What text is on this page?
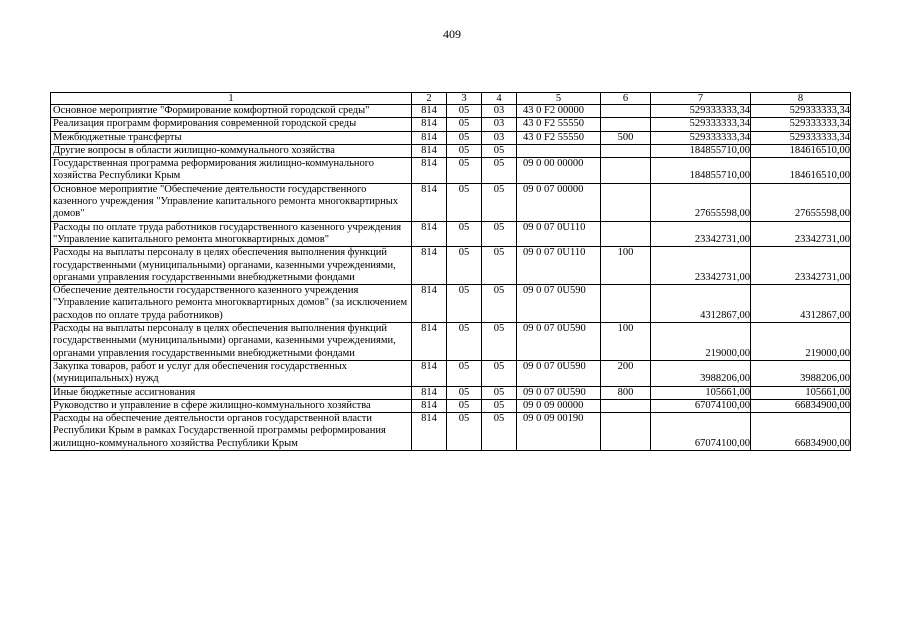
409
1	2	3	4	5	6	7	8
Основное мероприятие "Формирование комфортной городской среды"	814	05	03	43 0 F2 00000		529333333,34	529333333,34
Реализация программ формирования современной городской среды	814	05	03	43 0 F2 55550		529333333,34	529333333,34
Межбюджетные трансферты	814	05	03	43 0 F2 55550	500	529333333,34	529333333,34
Другие вопросы в области жилищно-коммунального хозяйства	814	05	05			184855710,00	184616510,00
Государственная программа реформирования жилищно-коммунального хозяйства Республики Крым	814	05	05	09 0 00 00000		184855710,00	184616510,00
Основное мероприятие "Обеспечение деятельности государственного казенного учреждения "Управление капитального ремонта многоквартирных домов"	814	05	05	09 0 07 00000		27655598,00	27655598,00
Расходы по оплате труда работников государственного казенного учреждения "Управление капитального ремонта многоквартирных домов"	814	05	05	09 0 07 0U110		23342731,00	23342731,00
Расходы на выплаты персоналу в целях обеспечения выполнения функций государственными (муниципальными) органами, казенными учреждениями, органами управления государственными внебюджетными фондами	814	05	05	09 0 07 0U110	100	23342731,00	23342731,00
Обеспечение деятельности государственного казенного учреждения "Управление капитального ремонта многоквартирных домов" (за исключением расходов по оплате труда работников)	814	05	05	09 0 07 0U590		4312867,00	4312867,00
Расходы на выплаты персоналу в целях обеспечения выполнения функций государственными (муниципальными) органами, казенными учреждениями, органами управления государственными внебюджетными фондами	814	05	05	09 0 07 0U590	100	219000,00	219000,00
Закупка товаров, работ и услуг для обеспечения государственных (муниципальных) нужд	814	05	05	09 0 07 0U590	200	3988206,00	3988206,00
Иные бюджетные ассигнования	814	05	05	09 0 07 0U590	800	105661,00	105661,00
Руководство и управление в сфере жилищно-коммунального хозяйства	814	05	05	09 0 09 00000		67074100,00	66834900,00
Расходы на обеспечение деятельности органов государственной власти Республики Крым в рамках Государственной программы реформирования жилищно-коммунального хозяйства Республики Крым	814	05	05	09 0 09 00190		67074100,00	66834900,00
